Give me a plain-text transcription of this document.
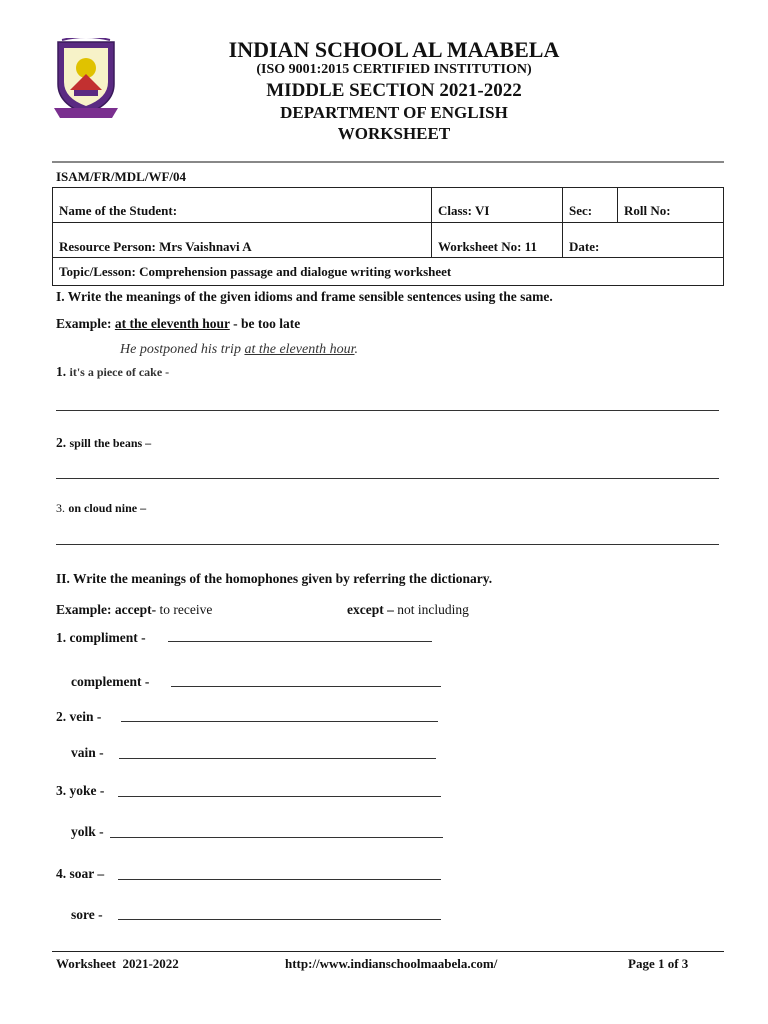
INDIAN SCHOOL AL MAABELA
(ISO 9001:2015 CERTIFIED INSTITUTION)
MIDDLE SECTION 2021-2022
DEPARTMENT OF ENGLISH
WORKSHEET
ISAM/FR/MDL/WF/04
Name of the Student:	Class: VI	Sec:	Roll No:
Resource Person: Mrs Vaishnavi A	Worksheet No: 11	Date:	
Topic/Lesson: Comprehension passage and dialogue writing worksheet			
I. Write the meanings of the given idioms and frame sensible sentences using the same.
Example: at the eleventh hour - be too late
He postponed his trip at the eleventh hour.
1. it's a piece of cake -
2. spill the beans –
3. on cloud nine –
II. Write the meanings of the homophones given by referring the dictionary.
Example: accept- to receive	except – not including
1. compliment -
complement -
2. vein -
vain -
3. yoke -
yolk -
4. soar –
sore -
Worksheet  2021-2022	http://www.indianschoolmaabela.com/	Page 1 of 3
